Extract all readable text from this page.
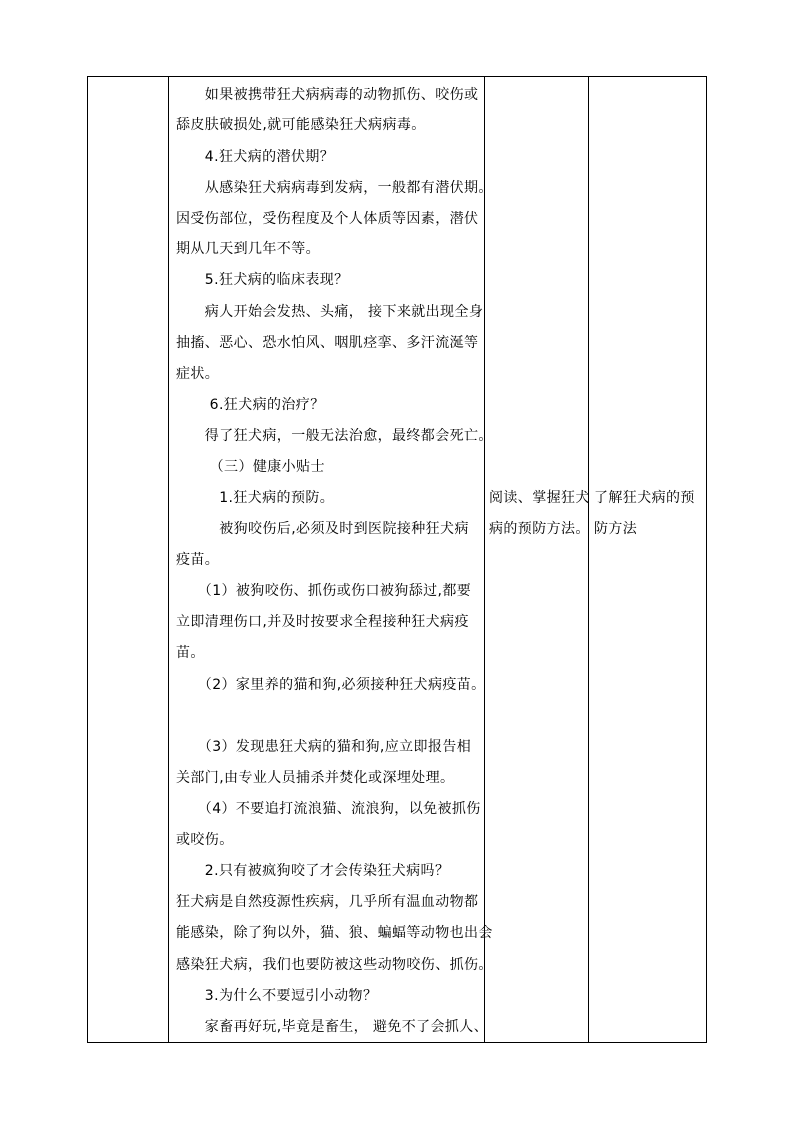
　　如果被携带狂犬病病毒的动物抓伤、咬伤或
舔皮肤破损处,就可能感染狂犬病病毒。
　　4.狂犬病的潜伏期？
　　从感染狂犬病病毒到发病，一般都有潜伏期。
因受伤部位，受伤程度及个人体质等因素，潜伏
期从几天到几年不等。
　　5.狂犬病的临床表现？
　　病人开始会发热、头痛， 接下来就出现全身
抽搐、恶心、恐水怕风、咽肌痉挛、多汗流涎等
症状。
　　 6.狂犬病的治疗？
　　得了狂犬病，一般无法治愈，最终都会死亡。
　　 （三）健康小贴士
　　　1.狂犬病的预防。
　　　被狗咬伤后,必须及时到医院接种狂犬病
疫苗。
　　（1）被狗咬伤、抓伤或伤口被狗舔过,都要
立即清理伤口,并及时按要求全程接种狂犬病疫
苗。
　　（2）家里养的猫和狗,必须接种狂犬病疫苗。
　　（3）发现患狂犬病的猫和狗,应立即报告相
关部门,由专业人员捕杀并焚化或深埋处理。
　　（4）不要追打流浪猫、流浪狗，以免被抓伤
或咬伤。
　　2.只有被疯狗咬了才会传染狂犬病吗？
狂犬病是自然疫源性疾病，几乎所有温血动物都
能感染，除了狗以外，猫、狼、蝙蝠等动物也出会
感染狂犬病，我们也要防被这些动物咬伤、抓伤。
　　3.为什么不要逗引小动物？
　　家畜再好玩,毕竟是畜生， 避免不了会抓人、
阅读、掌握狂犬
病的预防方法。
了解狂犬病的预
防方法
